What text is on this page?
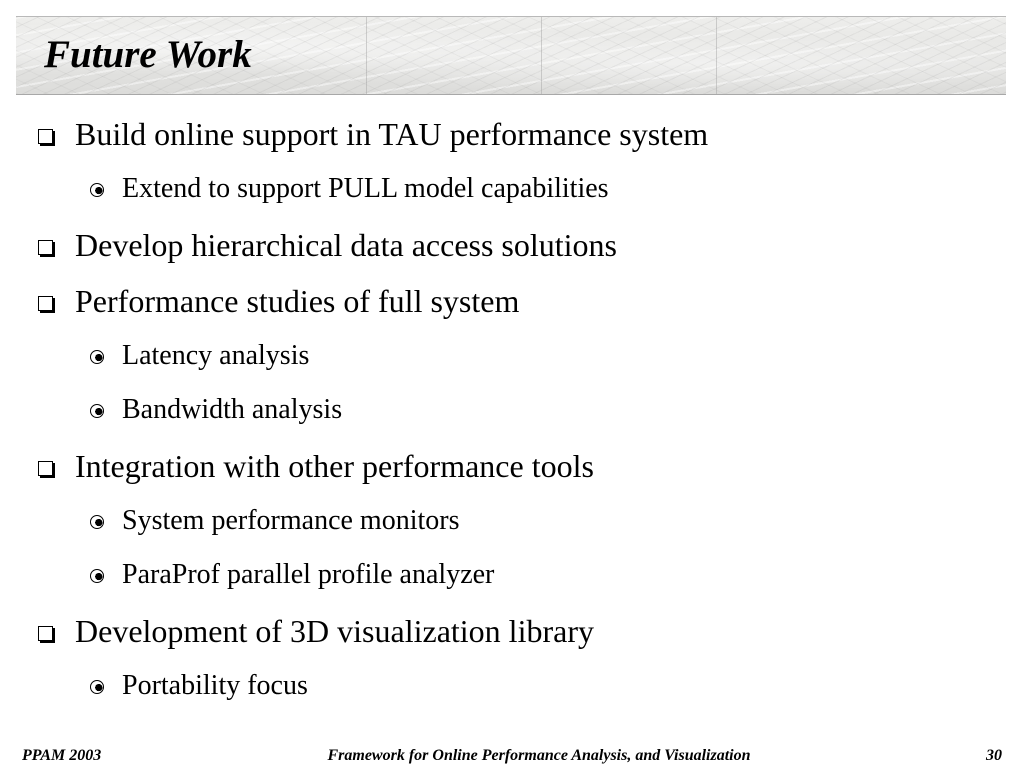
Future Work
Build online support in TAU performance system
Extend to support PULL model capabilities
Develop hierarchical data access solutions
Performance studies of full system
Latency analysis
Bandwidth analysis
Integration with other performance tools
System performance monitors
ParaProf parallel profile analyzer
Development of 3D visualization library
Portability focus
PPAM 2003	Framework for Online Performance Analysis, and Visualization	30
